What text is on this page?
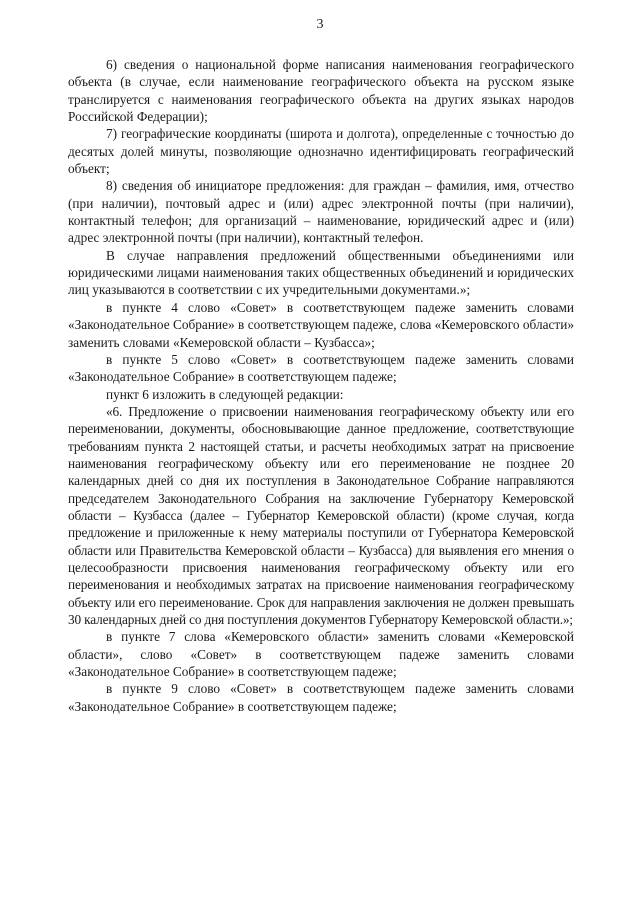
3

6) сведения о национальной форме написания наименования географического объекта (в случае, если наименование географического объекта на русском языке транслируется с наименования географического объекта на других языках народов Российской Федерации);

7) географические координаты (широта и долгота), определенные с точностью до десятых долей минуты, позволяющие однозначно идентифицировать географический объект;

8) сведения об инициаторе предложения: для граждан – фамилия, имя, отчество (при наличии), почтовый адрес и (или) адрес электронной почты (при наличии), контактный телефон; для организаций – наименование, юридический адрес и (или) адрес электронной почты (при наличии), контактный телефон.

В случае направления предложений общественными объединениями или юридическими лицами наименования таких общественных объединений и юридических лиц указываются в соответствии с их учредительными документами.»;

в пункте 4 слово «Совет» в соответствующем падеже заменить словами «Законодательное Собрание» в соответствующем падеже, слова «Кемеровского области» заменить словами «Кемеровской области – Кузбасса»;

в пункте 5 слово «Совет» в соответствующем падеже заменить словами «Законодательное Собрание» в соответствующем падеже;

пункт 6 изложить в следующей редакции:

«6. Предложение о присвоении наименования географическому объекту или его переименовании, документы, обосновывающие данное предложение, соответствующие требованиям пункта 2 настоящей статьи, и расчеты необходимых затрат на присвоение наименования географическому объекту или его переименование не позднее 20 календарных дней со дня их поступления в Законодательное Собрание направляются председателем Законодательного Собрания на заключение Губернатору Кемеровской области – Кузбасса (далее – Губернатор Кемеровской области) (кроме случая, когда предложение и приложенные к нему материалы поступили от Губернатора Кемеровской области или Правительства Кемеровской области – Кузбасса) для выявления его мнения о целесообразности присвоения наименования географическому объекту или его переименования и необходимых затратах на присвоение наименования географическому объекту или его переименование. Срок для направления заключения не должен превышать 30 календарных дней со дня поступления документов Губернатору Кемеровской области.»;

в пункте 7 слова «Кемеровского области» заменить словами «Кемеровской области», слово «Совет» в соответствующем падеже заменить словами «Законодательное Собрание» в соответствующем падеже;

в пункте 9 слово «Совет» в соответствующем падеже заменить словами «Законодательное Собрание» в соответствующем падеже;
